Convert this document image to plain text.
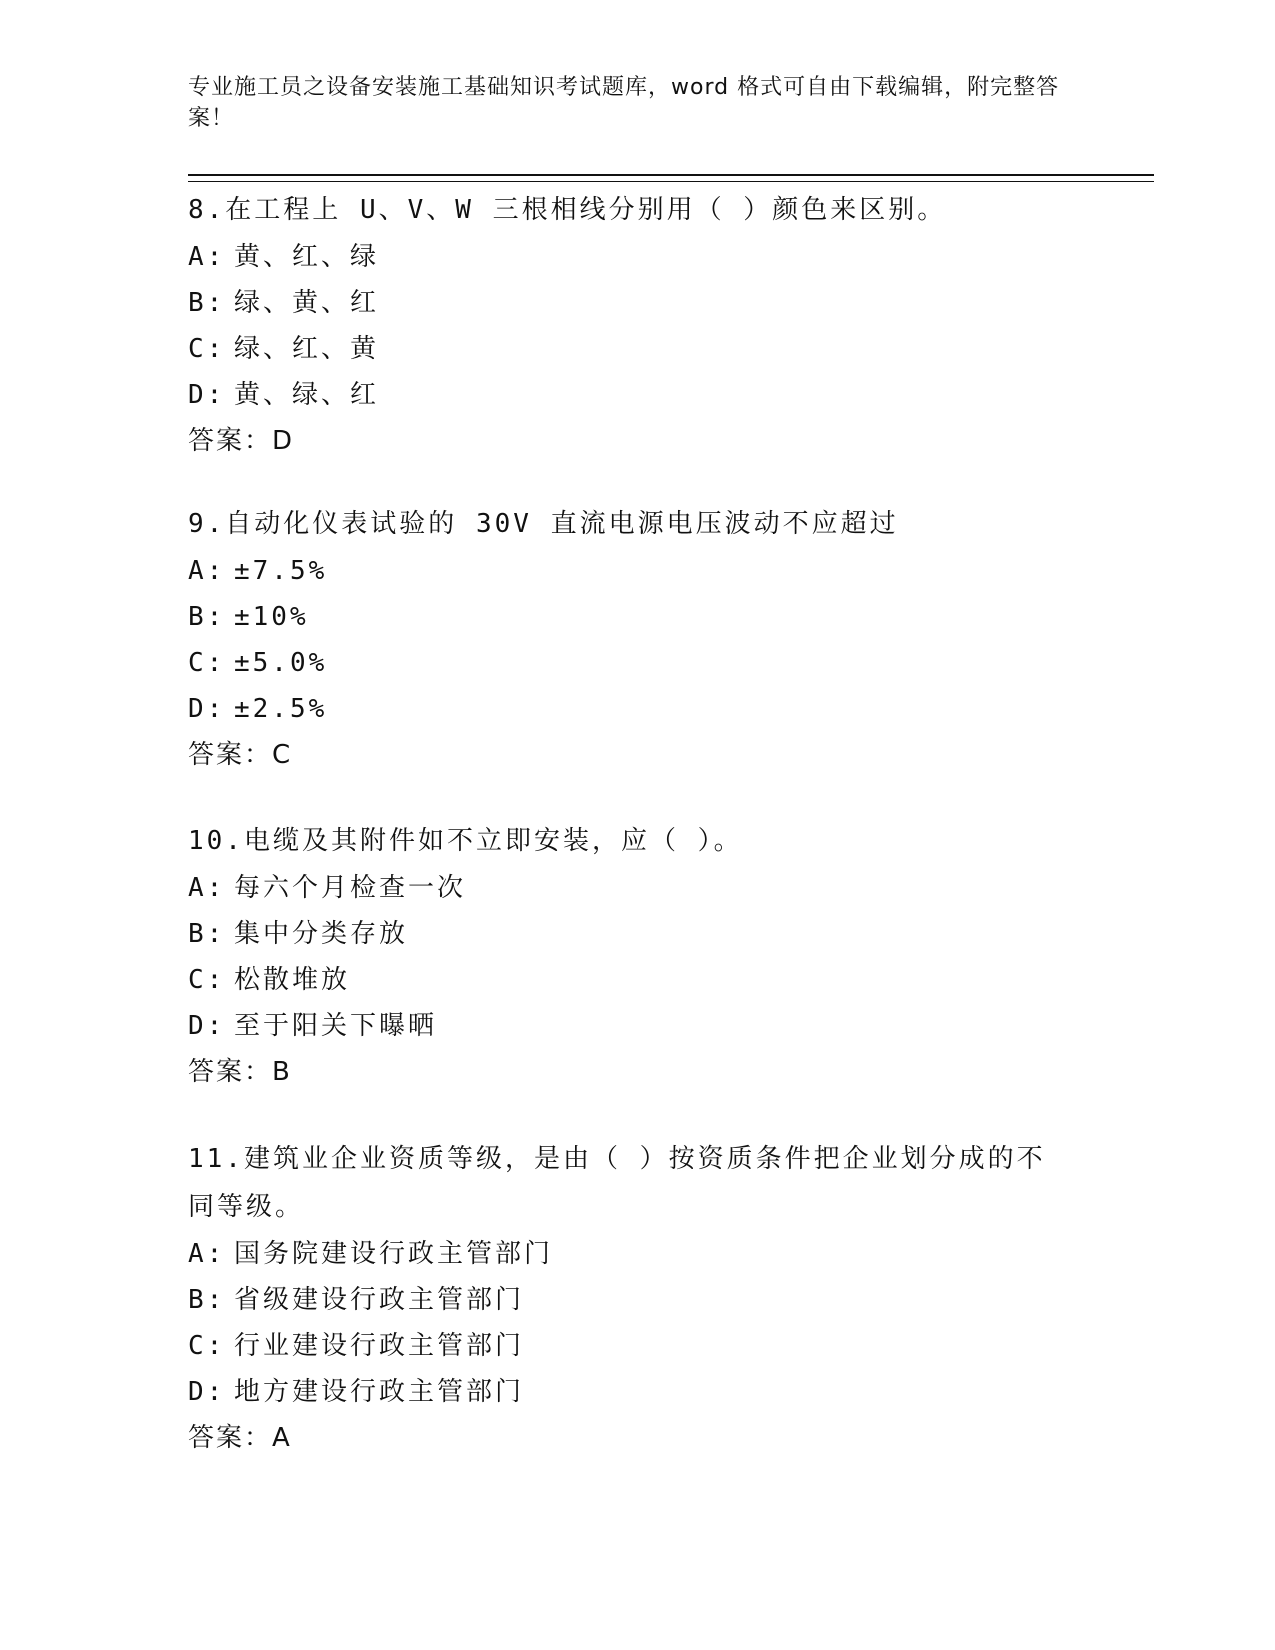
专业施工员之设备安装施工基础知识考试题库，word 格式可自由下载编辑，附完整答案！

8.在工程上 U、V、W 三根相线分别用（ ）颜色来区别。

A: 黄、红、绿

B: 绿、黄、红

C: 绿、红、黄

D: 黄、绿、红

答案：D

9.自动化仪表试验的 30V 直流电源电压波动不应超过

A: ±7.5%

B: ±10%

C: ±5.0%

D: ±2.5%

答案：C

10.电缆及其附件如不立即安装，应（ ）。

A: 每六个月检查一次

B: 集中分类存放

C: 松散堆放

D: 至于阳关下曝晒

答案：B

11.建筑业企业资质等级，是由（ ）按资质条件把企业划分成的不同等级。

A: 国务院建设行政主管部门

B: 省级建设行政主管部门

C: 行业建设行政主管部门

D: 地方建设行政主管部门

答案：A
